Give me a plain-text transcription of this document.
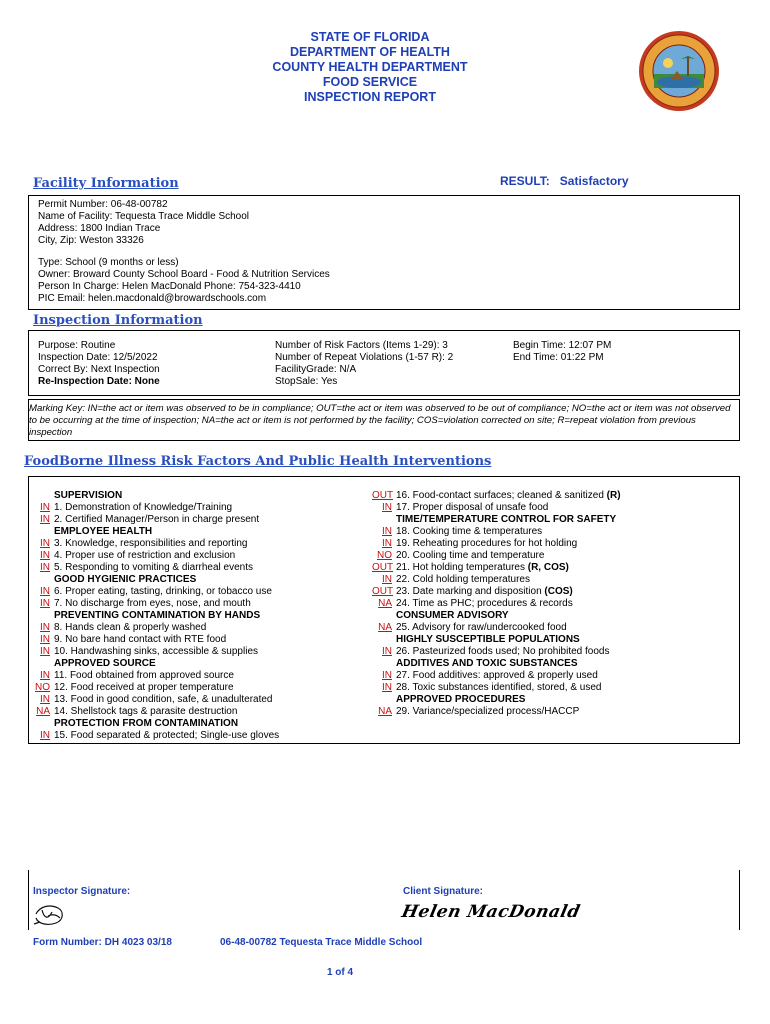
STATE OF FLORIDA
DEPARTMENT OF HEALTH
COUNTY HEALTH DEPARTMENT
FOOD SERVICE
INSPECTION REPORT
Facility Information	RESULT: Satisfactory
Permit Number: 06-48-00782
Name of Facility: Tequesta Trace Middle School
Address: 1800 Indian Trace
City, Zip: Weston 33326
Type: School (9 months or less)
Owner: Broward County School Board - Food & Nutrition Services
Person In Charge: Helen MacDonald Phone: 754-323-4410
PIC Email: helen.macdonald@browardschools.com
Inspection Information
Purpose: Routine
Inspection Date: 12/5/2022
Correct By: Next Inspection
Re-Inspection Date: None
Number of Risk Factors (Items 1-29): 3
Number of Repeat Violations (1-57 R): 2
FacilityGrade: N/A
StopSale: Yes
Begin Time: 12:07 PM
End Time: 01:22 PM
Marking Key: IN=the act or item was observed to be in compliance; OUT=the act or item was observed to be out of compliance; NO=the act or item was not observed to be occurring at the time of inspection; NA=the act or item is not performed by the facility; COS=violation corrected on site; R=repeat violation from previous inspection
FoodBorne Illness Risk Factors And Public Health Interventions
SUPERVISION
IN 1. Demonstration of Knowledge/Training
IN 2. Certified Manager/Person in charge present
EMPLOYEE HEALTH
IN 3. Knowledge, responsibilities and reporting
IN 4. Proper use of restriction and exclusion
IN 5. Responding to vomiting & diarrheal events
GOOD HYGIENIC PRACTICES
IN 6. Proper eating, tasting, drinking, or tobacco use
IN 7. No discharge from eyes, nose, and mouth
PREVENTING CONTAMINATION BY HANDS
IN 8. Hands clean & properly washed
IN 9. No bare hand contact with RTE food
IN 10. Handwashing sinks, accessible & supplies
APPROVED SOURCE
IN 11. Food obtained from approved source
NO 12. Food received at proper temperature
IN 13. Food in good condition, safe, & unadulterated
NA 14. Shellstock tags & parasite destruction
PROTECTION FROM CONTAMINATION
IN 15. Food separated & protected; Single-use gloves
OUT 16. Food-contact surfaces; cleaned & sanitized (R)
IN 17. Proper disposal of unsafe food
TIME/TEMPERATURE CONTROL FOR SAFETY
IN 18. Cooking time & temperatures
IN 19. Reheating procedures for hot holding
NO 20. Cooling time and temperature
OUT 21. Hot holding temperatures (R, COS)
IN 22. Cold holding temperatures
OUT 23. Date marking and disposition (COS)
NA 24. Time as PHC; procedures & records
CONSUMER ADVISORY
NA 25. Advisory for raw/undercooked food
HIGHLY SUSCEPTIBLE POPULATIONS
IN 26. Pasteurized foods used; No prohibited foods
ADDITIVES AND TOXIC SUBSTANCES
IN 27. Food additives: approved & properly used
IN 28. Toxic substances identified, stored, & used
APPROVED PROCEDURES
NA 29. Variance/specialized process/HACCP
Inspector Signature:	Client Signature:
Helen MacDonald
Form Number: DH 4023 03/18	06-48-00782 Tequesta Trace Middle School
1 of 4
